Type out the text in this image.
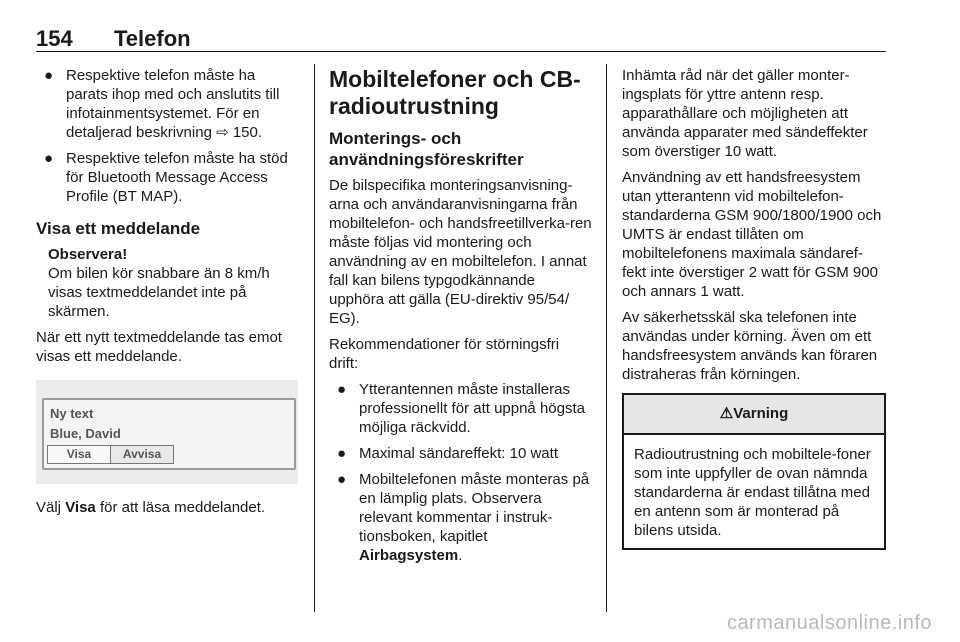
154 Telefon
● Respektive telefon måste ha parats ihop med och anslutits till infotainmentsystemet. För en detaljerad beskrivning ⇨ 150.
● Respektive telefon måste ha stöd för Bluetooth Message Access Profile (BT MAP).
Visa ett meddelande
Observera!
Om bilen kör snabbare än 8 km/h visas textmeddelandet inte på skärmen.

När ett nytt textmeddelande tas emot visas ett meddelande.

Ny text
Blue, David
Visa	Avvisa

Välj Visa för att läsa meddelandet.

Mobiltelefoner och CB-radioutrustning
Monterings- och användningsföreskrifter

De bilspecifika monteringsanvisning-arna och användaranvisningarna från mobiltelefon- och handsfreetillverka-ren måste följas vid montering och användning av en mobiltelefon. I annat fall kan bilens typgodkännande upphöra att gälla (EU-direktiv 95/54/ EG).

Rekommendationer för störningsfri drift:

● Ytterantennen måste installeras professionellt för att uppnå högsta möjliga räckvidd.
● Maximal sändareffekt: 10 watt
● Mobiltelefonen måste monteras på en lämplig plats. Observera relevant kommentar i instruk-tionsboken, kapitlet
Airbagsystem.

Inhämta råd när det gäller monter-ingsplats för yttre antenn resp. apparathållare och möjligheten att använda apparater med sändeffekter som överstiger 10 watt.

Användning av ett handsfreesystem utan ytterantenn vid mobiltelefon-standarderna GSM 900/1800/1900 och UMTS är endast tillåten om mobiltelefonens maximala sändaref-fekt inte överstiger 2 watt för GSM 900 och annars 1 watt.

Av säkerhetsskäl ska telefonen inte användas under körning. Även om ett handsfreesystem används kan föraren distraheras från körningen.

⚠Varning
Radioutrustning och mobiltele-foner som inte uppfyller de ovan nämnda standarderna är endast tillåtna med en antenn som är monterad på bilens utsida.
carmanualsonline.info
